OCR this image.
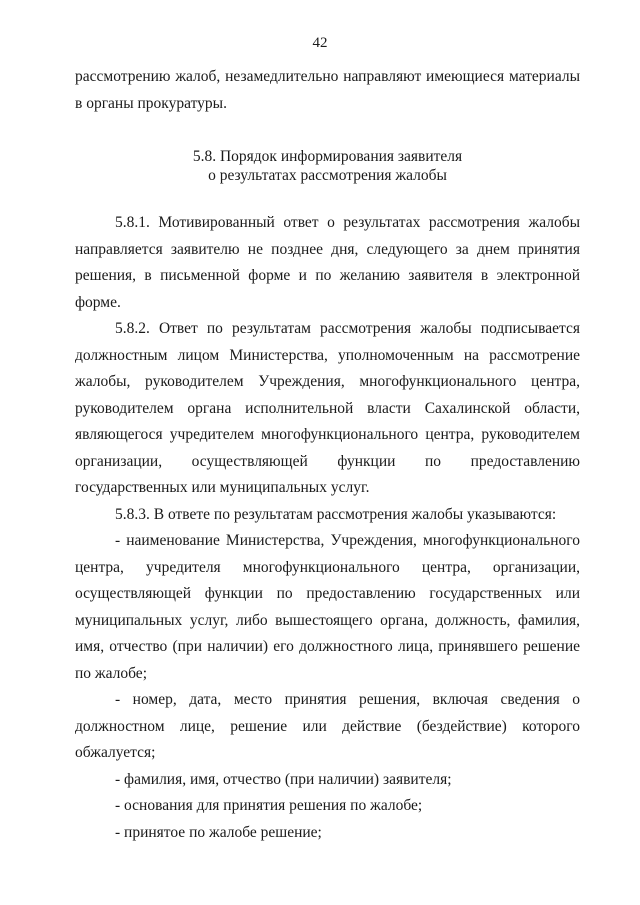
42

рассмотрению жалоб, незамедлительно направляют имеющиеся материалы в органы прокуратуры.

5.8. Порядок информирования заявителя
о результатах рассмотрения жалобы

5.8.1. Мотивированный ответ о результатах рассмотрения жалобы направляется заявителю не позднее дня, следующего за днем принятия решения, в письменной форме и по желанию заявителя в электронной форме.

5.8.2. Ответ по результатам рассмотрения жалобы подписывается должностным лицом Министерства, уполномоченным на рассмотрение жалобы, руководителем Учреждения, многофункционального центра, руководителем органа исполнительной власти Сахалинской области, являющегося учредителем многофункционального центра, руководителем организации, осуществляющей функции по предоставлению государственных или муниципальных услуг.

5.8.3. В ответе по результатам рассмотрения жалобы указываются:

- наименование Министерства, Учреждения, многофункционального центра, учредителя многофункционального центра, организации, осуществляющей функции по предоставлению государственных или муниципальных услуг, либо вышестоящего органа, должность, фамилия, имя, отчество (при наличии) его должностного лица, принявшего решение по жалобе;

- номер, дата, место принятия решения, включая сведения о должностном лице, решение или действие (бездействие) которого обжалуется;

- фамилия, имя, отчество (при наличии) заявителя;

- основания для принятия решения по жалобе;

- принятое по жалобе решение;
